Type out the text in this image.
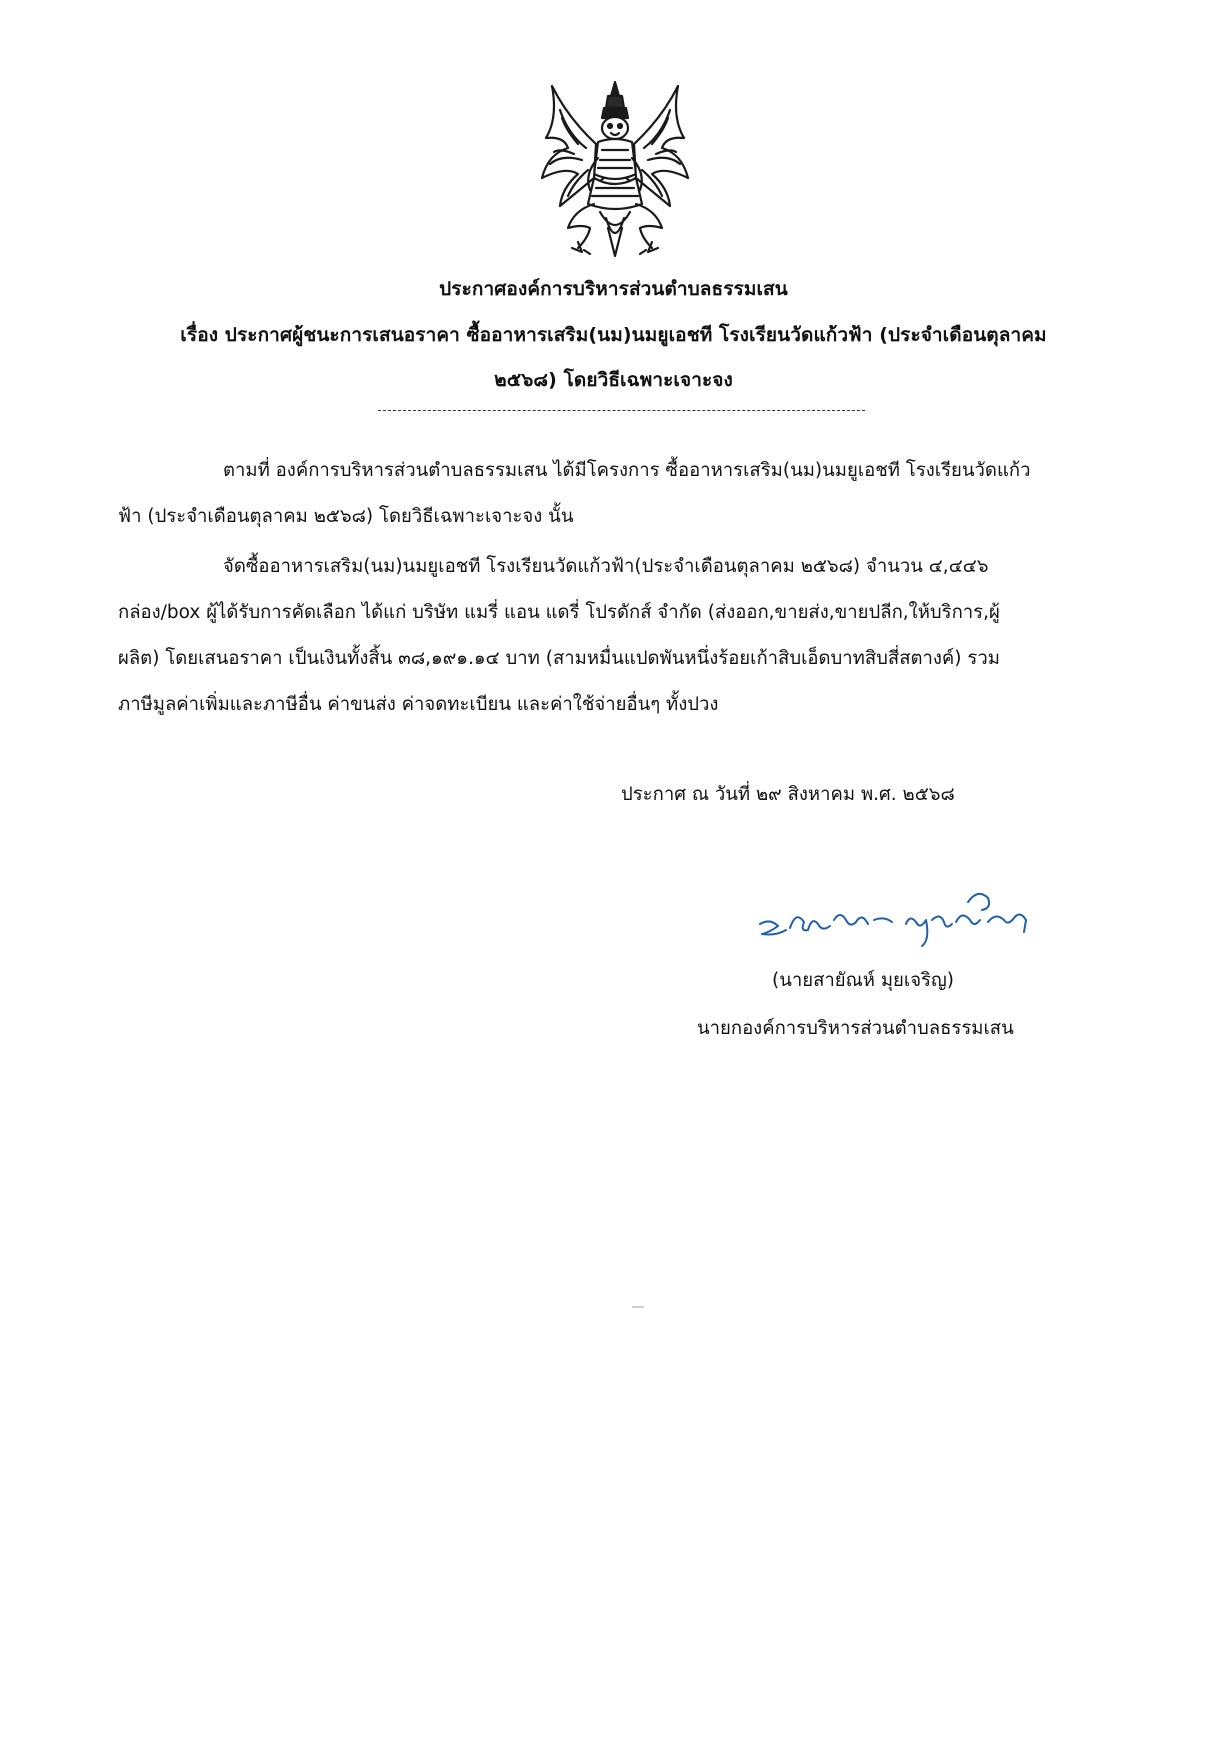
ประกาศองค์การบริหารส่วนตำบลธรรมเสน
เรื่อง ประกาศผู้ชนะการเสนอราคา ซื้ออาหารเสริม(นม)นมยูเอชที โรงเรียนวัดแก้วฟ้า (ประจำเดือนตุลาคม
๒๕๖๘) โดยวิธีเฉพาะเจาะจง
ตามที่ องค์การบริหารส่วนตำบลธรรมเสน ได้มีโครงการ ซื้ออาหารเสริม(นม)นมยูเอชที โรงเรียนวัดแก้ว
ฟ้า (ประจำเดือนตุลาคม ๒๕๖๘) โดยวิธีเฉพาะเจาะจง นั้น
จัดซื้ออาหารเสริม(นม)นมยูเอชที โรงเรียนวัดแก้วฟ้า(ประจำเดือนตุลาคม ๒๕๖๘) จำนวน ๔,๔๔๖
กล่อง/box ผู้ได้รับการคัดเลือก ได้แก่ บริษัท แมรี่ แอน แดรี่ โปรดักส์ จำกัด (ส่งออก,ขายส่ง,ขายปลีก,ให้บริการ,ผู้
ผลิต) โดยเสนอราคา เป็นเงินทั้งสิ้น ๓๘,๑๙๑.๑๔ บาท (สามหมื่นแปดพันหนึ่งร้อยเก้าสิบเอ็ดบาทสิบสี่สตางค์) รวม
ภาษีมูลค่าเพิ่มและภาษีอื่น ค่าขนส่ง ค่าจดทะเบียน และค่าใช้จ่ายอื่นๆ ทั้งปวง
ประกาศ ณ วันที่ ๒๙ สิงหาคม พ.ศ. ๒๕๖๘
(นายสายัณห์ มุยเจริญ)
นายกองค์การบริหารส่วนตำบลธรรมเสน
